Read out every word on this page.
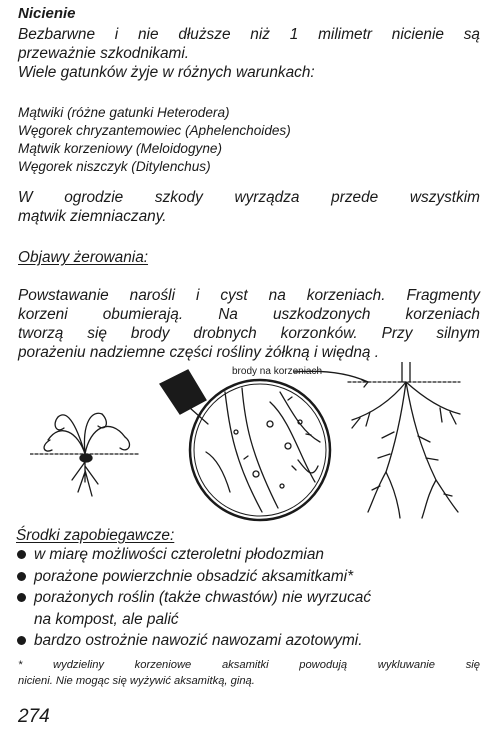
Nicienie
Bezbarwne i nie dłuższe niż 1 milimetr nicienie są
przeważnie szkodnikami.
Wiele gatunków żyje w różnych warunkach:
Mątwiki (różne gatunki Heterodera)
Węgorek chryzantemowiec (Aphelenchoides)
Mątwik korzeniowy (Meloidogyne)
Węgorek niszczyk (Ditylenchus)
W ogrodzie szkody wyrządza przede wszystkim
mątwik ziemniaczany.
Objawy żerowania:
Powstawanie narośli i cyst na korzeniach. Fragmenty
korzeni obumierają. Na uszkodzonych korzeniach
tworzą się brody drobnych korzonków. Przy silnym
porażeniu nadziemne części rośliny żółkną i więdną .
brody na korzeniach
Środki zapobiegawcze:
w miarę możliwości czteroletni płodozmian
porażone powierzchnie obsadzić aksamitkami*
porażonych roślin (także chwastów) nie wyrzucać
na kompost, ale palić
bardzo ostrożnie nawozić nawozami azotowymi.
* wydzieliny korzeniowe aksamitki powodują wykluwanie się
nicieni. Nie mogąc się wyżywić aksamitką, giną.
274
